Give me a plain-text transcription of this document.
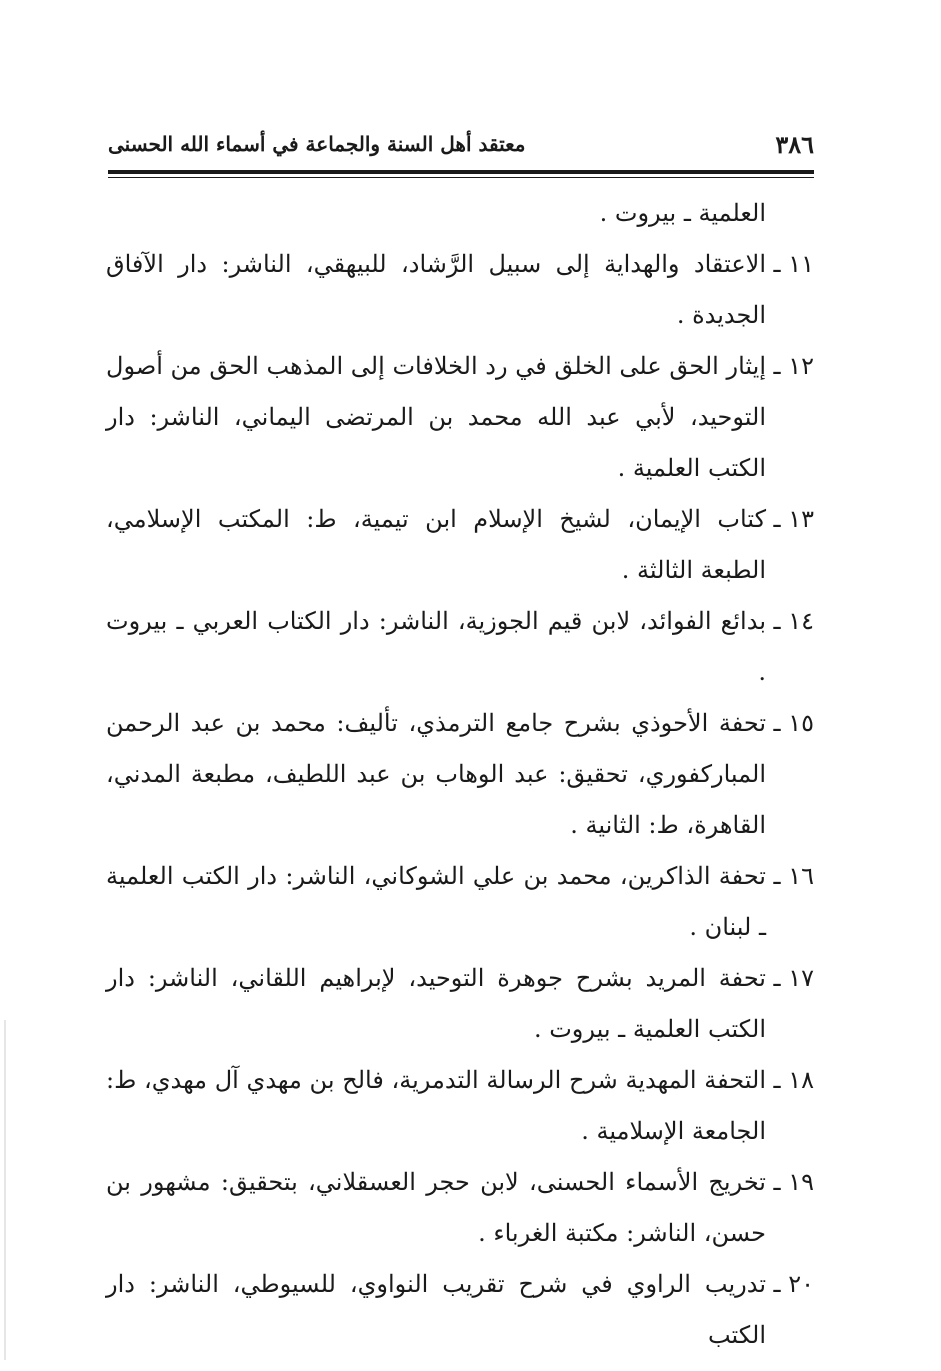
٣٨٦
معتقد أهل السنة والجماعة في أسماء الله الحسنى

العلمية ـ بيروت .

١١ ـالاعتقاد والهداية إلى سبيل الرَّشاد، للبيهقي، الناشر: دار الآفاق الجديدة .

١٢ ـإيثار الحق على الخلق في رد الخلافات إلى المذهب الحق من أصول التوحيد، لأبي عبد الله محمد بن المرتضى اليماني، الناشر: دار الكتب العلمية .

١٣ ـكتاب الإيمان، لشيخ الإسلام ابن تيمية، ط: المكتب الإسلامي، الطبعة الثالثة .

١٤ ـبدائع الفوائد، لابن قيم الجوزية، الناشر: دار الكتاب العربي ـ بيروت .

١٥ ـتحفة الأحوذي بشرح جامع الترمذي، تأليف: محمد بن عبد الرحمن المباركفوري، تحقيق: عبد الوهاب بن عبد اللطيف، مطبعة المدني، القاهرة، ط: الثانية .

١٦ ـتحفة الذاكرين، محمد بن علي الشوكاني، الناشر: دار الكتب العلمية ـ لبنان .

١٧ ـتحفة المريد بشرح جوهرة التوحيد، لإبراهيم اللقاني، الناشر: دار الكتب العلمية ـ بيروت .

١٨ ـالتحفة المهدية شرح الرسالة التدمرية، فالح بن مهدي آل مهدي، ط: الجامعة الإسلامية .

١٩ ـتخريج الأسماء الحسنى، لابن حجر العسقلاني، بتحقيق: مشهور بن حسن، الناشر: مكتبة الغرباء .

٢٠ ـتدريب الراوي في شرح تقريب النواوي، للسيوطي، الناشر: دار الكتب
